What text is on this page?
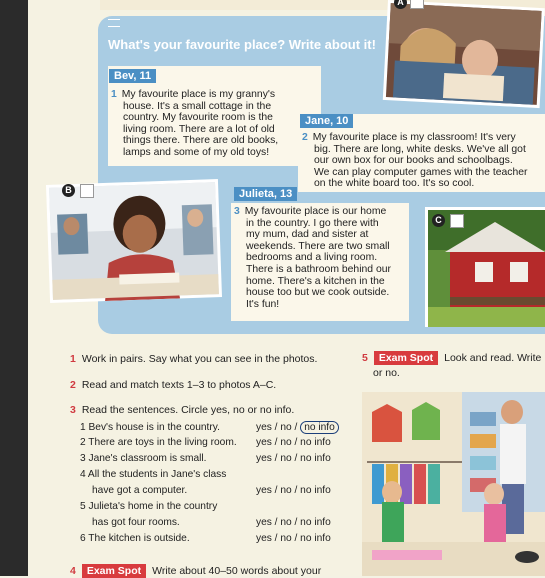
What's your favourite place? Write about it!
A
Bev, 11
1 My favourite place is my granny's
house. It's a small cottage in the
country. My favourite room is the
living room. There are a lot of old
things there. There are old books,
lamps and some of my old toys!
Jane, 10
2 My favourite place is my classroom! It's very
big. There are long, white desks. We've all got
our own box for our books and schoolbags.
We can play computer games with the teacher
on the white board too. It's so cool.
B	Julieta, 13
3 My favourite place is our home
in the country. I go there with
my mum, dad and sister at
weekends. There are two small
bedrooms and a living room.
There is a bathroom behind our
home. There's a kitchen in the
house too but we cook outside.
It's fun!
C
1 Work in pairs. Say what you can see in the photos.
2 Read and match texts 1–3 to photos A–C.
3 Read the sentences. Circle yes, no or no info.
5 Exam Spot Look and read. Write
or no.
1 Bev's house is in the country.	yes / no / no info
2 There are toys in the living room. yes / no / no info
3 Jane's classroom is small.	yes / no / no info
4 All the students in Jane's class
have got a computer.	yes / no / no info
5 Julieta's home in the country
has got four rooms.	yes / no / no info
6 The kitchen is outside.	yes / no / no info
4 Exam Spot Write about 40–50 words about your
